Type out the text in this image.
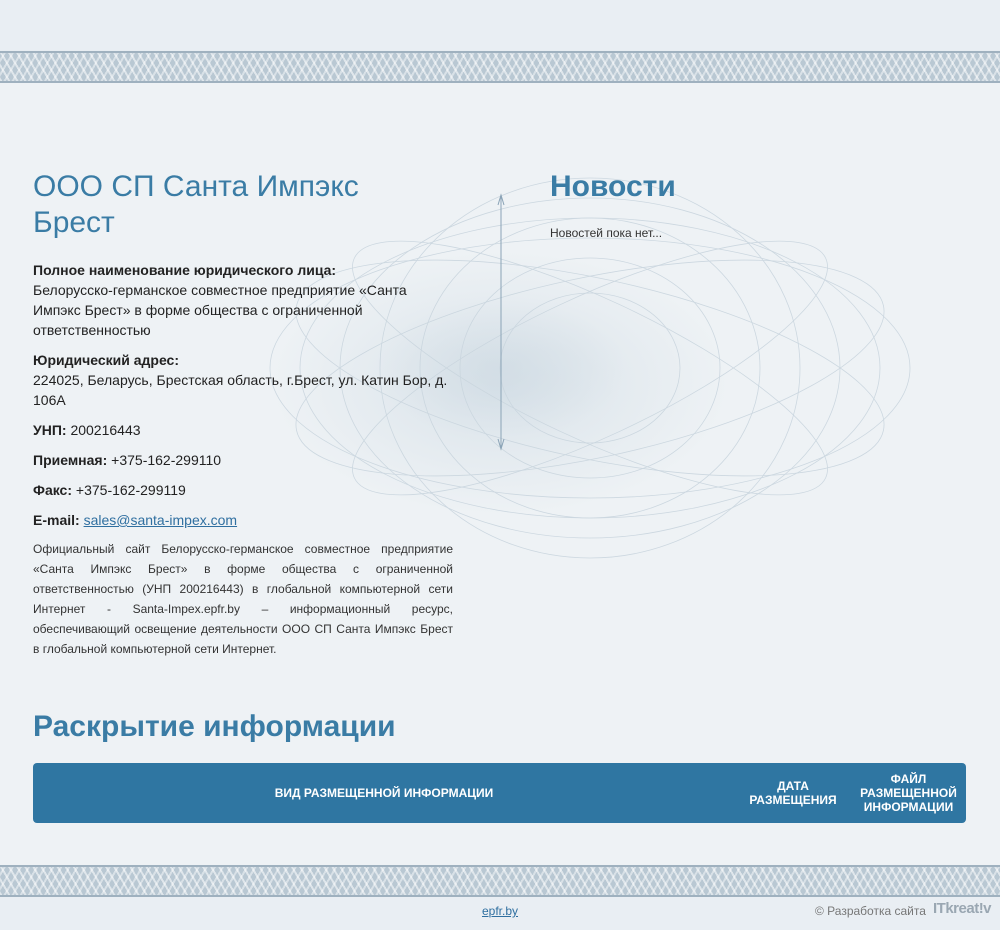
ООО СП Санта Импэкс Брест
Полное наименование юридического лица:
Белорусско-германское совместное предприятие «Санта Импэкс Брест» в форме общества с ограниченной ответственностью
Юридический адрес:
224025, Беларусь, Брестская область, г.Брест, ул. Катин Бор, д. 106А
УНП: 200216443
Приемная: +375-162-299110
Факс: +375-162-299119
E-mail: sales@santa-impex.com

Официальный сайт Белорусско-германское совместное предприятие «Санта Импэкс Брест» в форме общества с ограниченной ответственностью (УНП 200216443) в глобальной компьютерной сети Интернет - Santa-Impex.epfr.by – информационный ресурс, обеспечивающий освещение деятельности ООО СП Санта Импэкс Брест в глобальной компьютерной сети Интернет.

Новости

Новостей пока нет...

Раскрытие информации
ВИД РАЗМЕЩЕННОЙ ИНФОРМАЦИИ	ДАТА РАЗМЕЩЕНИЯ
ФАЙЛ РАЗМЕЩЕННОЙ ИНФОРМАЦИИ
epfr.by	© Разработка сайта ITkreat!v
